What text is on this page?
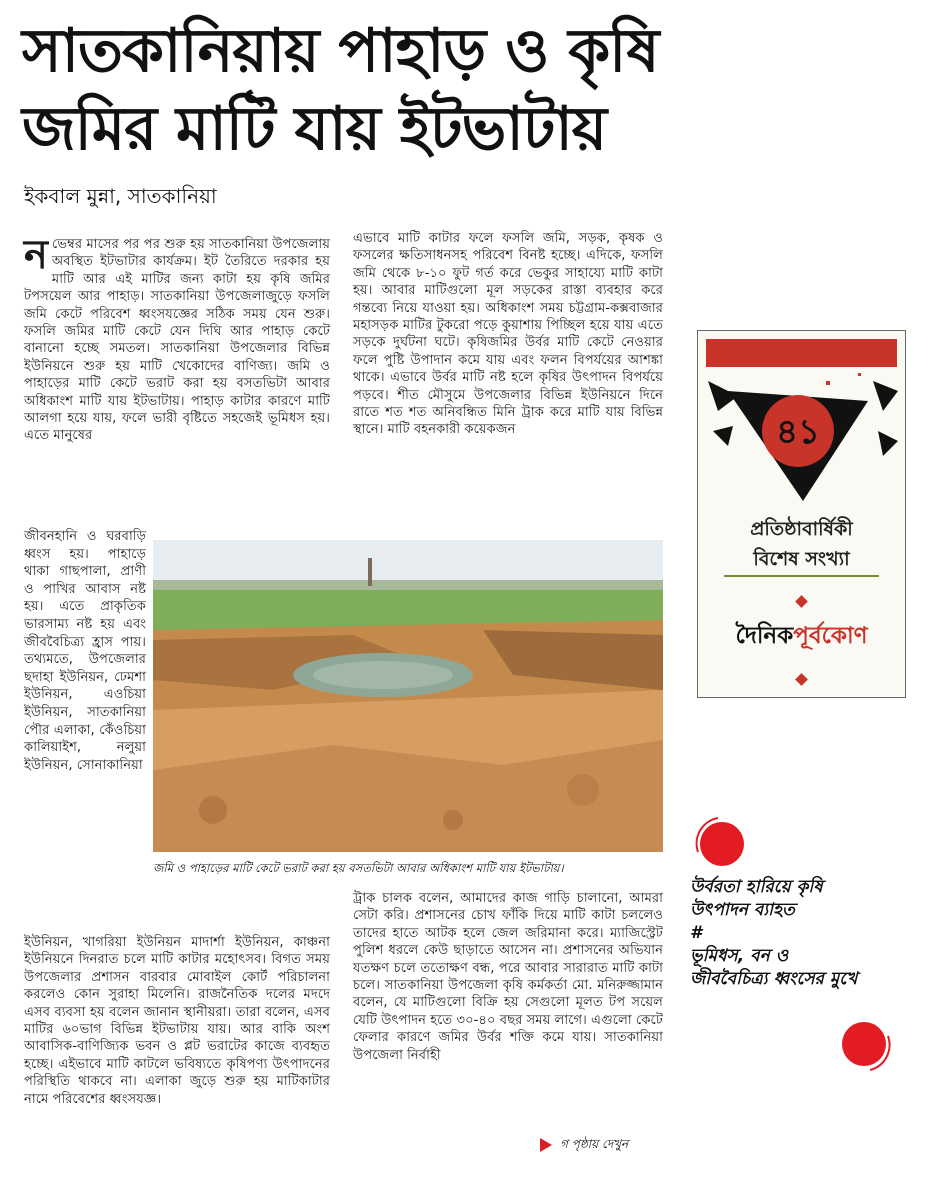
সাতকানিয়ায় পাহাড় ও কৃষি
জমির মাটি যায় ইটভাটায়
ইকবাল মুন্না, সাতকানিয়া
নভেম্বর মাসের পর পর শুরু হয় সাতকানিয়া উপজেলায় অবস্থিত ইটভাটার কার্যক্রম। ইট তৈরিতে দরকার হয় মাটি আর এই মাটির জন্য কাটা হয় কৃষি জমির টপসয়েল আর পাহাড়। সাতকানিয়া উপজেলাজুড়ে ফসলি জমি কেটে পরিবেশ ধ্বংসযজ্ঞের সঠিক সময় যেন শুরু। ফসলি জমির মাটি কেটে যেন দিঘি আর পাহাড় কেটে বানানো হচ্ছে সমতল। সাতকানিয়া উপজেলার বিভিন্ন ইউনিয়নে শুরু হয় মাটি খেকোদের বাণিজ্য। জমি ও পাহাড়ের মাটি কেটে ভরাট করা হয় বসতভিটা আবার অধিকাংশ মাটি যায় ইটভাটায়। পাহাড় কাটার কারণে মাটি আলগা হয়ে যায়, ফলে ভারী বৃষ্টিতে সহজেই ভূমিধস হয়। এতে মানুষের
জীবনহানি ও ঘরবাড়ি ধ্বংস হয়। পাহাড়ে থাকা গাছপালা, প্রাণী ও পাখির আবাস নষ্ট হয়। এতে প্রাকৃতিক ভারসাম্য নষ্ট হয় এবং জীববৈচিত্র্য হ্রাস পায়। তথ্যমতে, উপজেলার ছদাহা ইউনিয়ন, ঢেমশা ইউনিয়ন, এওচিয়া ইউনিয়ন, সাতকানিয়া পৌর এলাকা, কেঁওচিয়া কালিয়াইশ, নলুয়া ইউনিয়ন, সোনাকানিয়া
ইউনিয়ন, খাগরিয়া ইউনিয়ন মাদার্শা ইউনিয়ন, কাঞ্চনা ইউনিয়নে দিনরাত চলে মাটি কাটার মহোৎসব। বিগত সময় উপজেলার প্রশাসন বারবার মোবাইল কোর্ট পরিচালনা করলেও কোন সুরাহা মিলেনি। রাজনৈতিক দলের মদদে এসব ব্যবসা হয় বলেন জানান স্থানীয়রা। তারা বলেন, এসব মাটির ৬০ভাগ বিভিন্ন ইটভাটায় যায়। আর বাকি অংশ আবাসিক-বাণিজ্যিক ভবন ও প্লট ভরাটের কাজে ব্যবহৃত হচ্ছে। এইভাবে মাটি কাটলে ভবিষ্যতে কৃষিপণ্য উৎপাদনের পরিস্থিতি থাকবে না। এলাকা জুড়ে শুরু হয় মাটিকাটার নামে পরিবেশের ধ্বংসযজ্ঞ।
এভাবে মাটি কাটার ফলে ফসলি জমি, সড়ক, কৃষক ও ফসলের ক্ষতিসাধনসহ পরিবেশ বিনষ্ট হচ্ছে। এদিকে, ফসলি জমি থেকে ৮-১০ ফুট গর্ত করে ভেকুর সাহায্যে মাটি কাটা হয়। আবার মাটিগুলো মূল সড়কের রাস্তা ব্যবহার করে গন্তব্যে নিয়ে যাওয়া হয়। অধিকাংশ সময় চট্টগ্রাম-কক্সবাজার মহাসড়ক মাটির টুকরো পড়ে কুয়াশায় পিচ্ছিল হয়ে যায় এতে সড়কে দুর্ঘটনা ঘটে। কৃষিজমির উর্বর মাটি কেটে নেওয়ার ফলে পুষ্টি উপাদান কমে যায় এবং ফলন বিপর্যয়ের আশঙ্কা থাকে। এভাবে উর্বর মাটি নষ্ট হলে কৃষির উৎপাদন বিপর্যয়ে পড়বে। শীত মৌসুমে উপজেলার বিভিন্ন ইউনিয়নে দিনে রাতে শত শত অনিবন্ধিত মিনি ট্রাক করে মাটি যায় বিভিন্ন স্থানে। মাটি বহনকারী কয়েকজন
ট্রাক চালক বলেন, আমাদের কাজ গাড়ি চালানো, আমরা সেটা করি। প্রশাসনের চোখ ফাঁকি দিয়ে মাটি কাটা চললেও তাদের হাতে আটক হলে জেল জরিমানা করে। ম্যাজিস্ট্রেট পুলিশ ধরলে কেউ ছাড়াতে আসেন না। প্রশাসনের অভিযান যতক্ষণ চলে ততোক্ষণ বন্ধ, পরে আবার সারারাত মাটি কাটা চলে। সাতকানিয়া উপজেলা কৃষি কর্মকর্তা মো. মনিরুজ্জামান বলেন, যে মাটিগুলো বিক্রি হয় সেগুলো মূলত টপ সয়েল যেটি উৎপাদন হতে ৩০-৪০ বছর সময় লাগে। এগুলো কেটে ফেলার কারণে জমির উর্বর শক্তি কমে যায়। সাতকানিয়া উপজেলা নির্বাহী
জমি ও পাহাড়ের মাটি কেটে ভরাট করা হয় বসতভিটা আবার অধিকাংশ মাটি যায় ইটভাটায়।
৪১
প্রতিষ্ঠাবার্ষিকী
বিশেষ সংখ্যা
দৈনিকপূর্বকোণ
উর্বরতা হারিয়ে কৃষি
উৎপাদন ব্যাহত
#
ভূমিধস, বন ও
জীববৈচিত্র্য ধ্বংসের মুখে
গ পৃষ্ঠায় দেখুন
